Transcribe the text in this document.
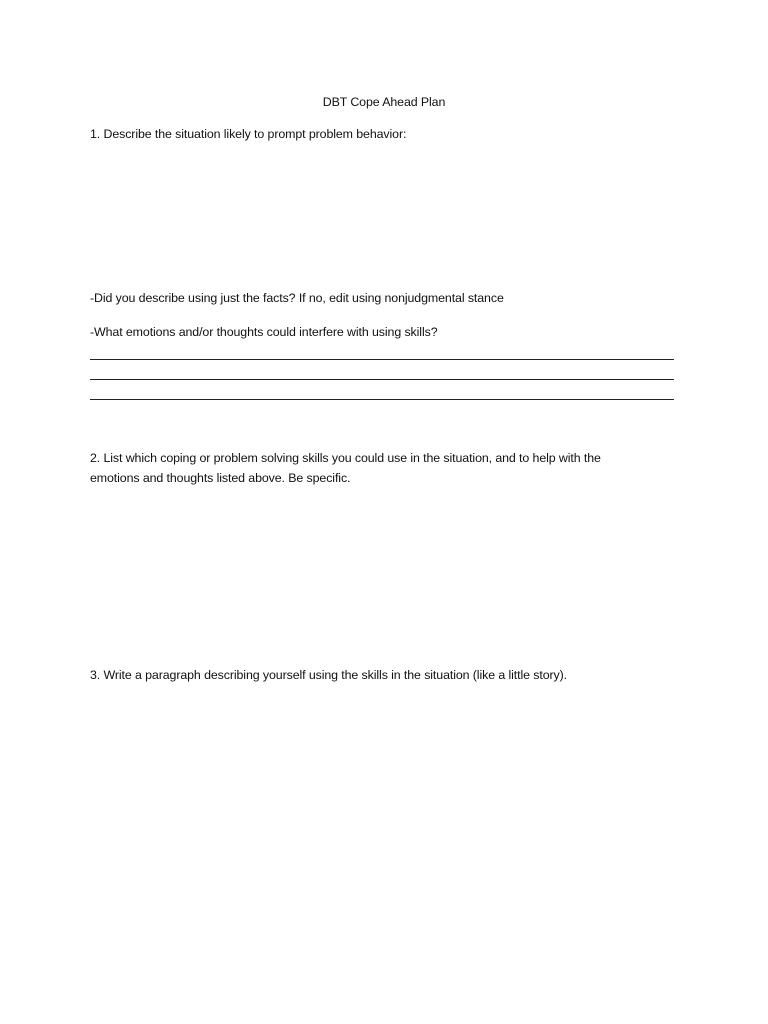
DBT Cope Ahead Plan
1. Describe the situation likely to prompt problem behavior:
-Did you describe using just the facts? If no, edit using nonjudgmental stance
-What emotions and/or thoughts could interfere with using skills?
2. List which coping or problem solving skills you could use in the situation, and to help with the
emotions and thoughts listed above. Be specific.
3. Write a paragraph describing yourself using the skills in the situation (like a little story).
